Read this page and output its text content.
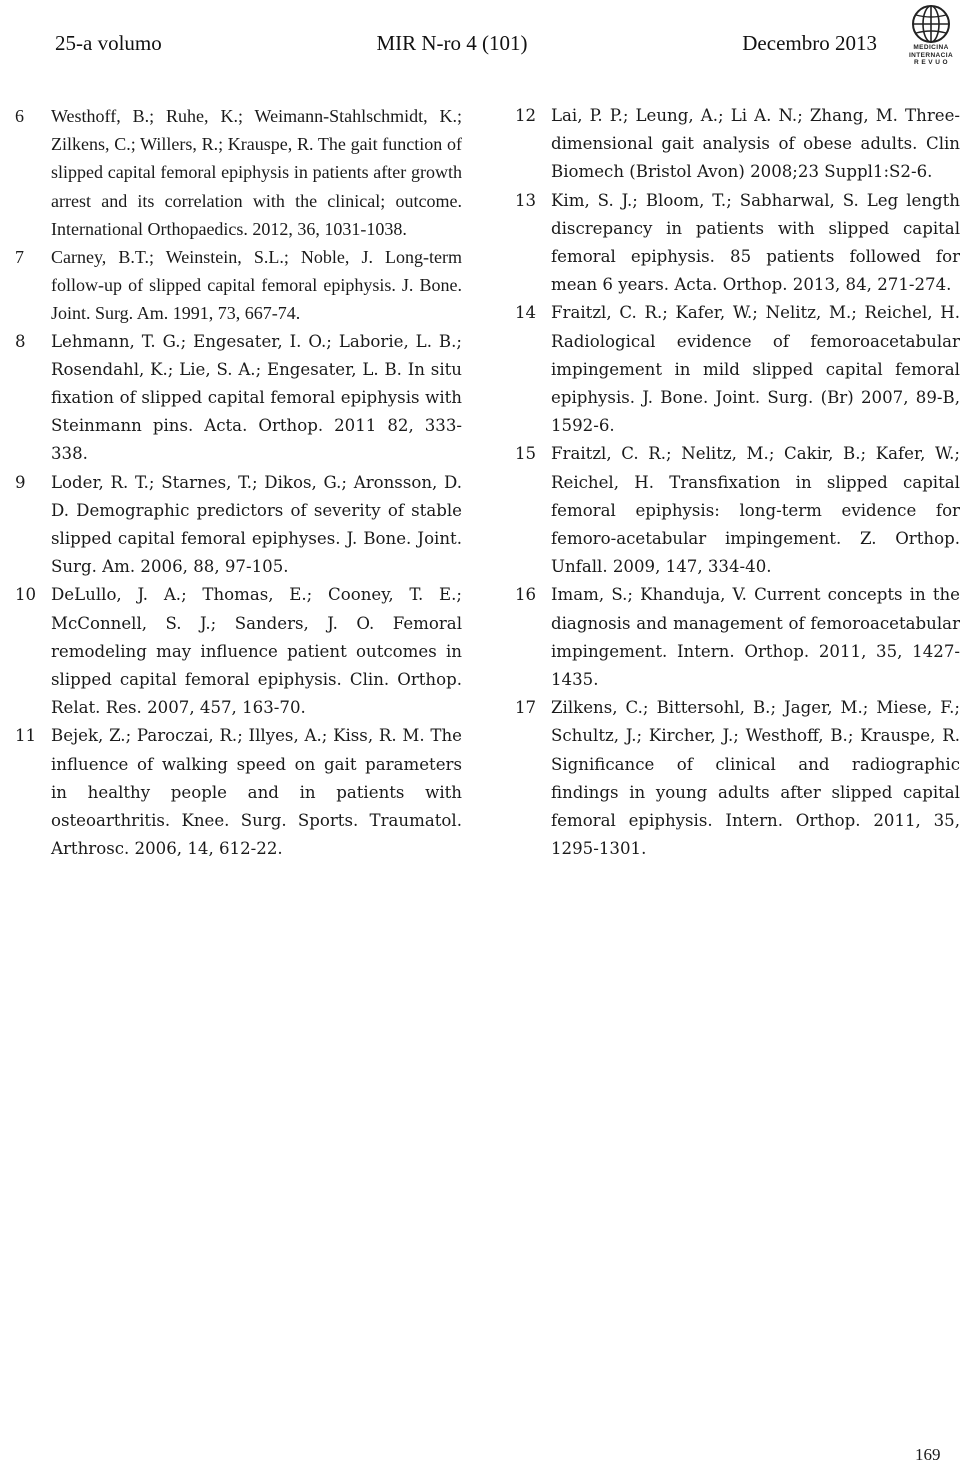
25-a volumo	MIR N-ro 4 (101)	Decembro 2013	MEDICINA
INTERNACIA
R E V U O
6	Westhoff, B.; Ruhe, K.; Weimann-Stahlschmidt, K.; Zilkens, C.; Willers, R.; Krauspe, R. The gait function of slipped capital femoral epiphysis in patients after growth arrest and its correlation with the clinical; outcome. International Orthopaedics. 2012, 36, 1031-1038.
7	Carney, B.T.; Weinstein, S.L.; Noble, J. Long-term follow-up of slipped capital femoral epiphysis. J. Bone. Joint. Surg. Am. 1991, 73, 667-74.
8	Lehmann, T. G.; Engesater, I. O.; Laborie, L. B.; Rosendahl, K.; Lie, S. A.; Engesater, L. B. In situ fixation of slipped capital femoral epiphysis with Steinmann pins. Acta. Orthop. 2011 82, 333-338.
9	Loder, R. T.; Starnes, T.; Dikos, G.; Aronsson, D. D. Demographic predictors of severity of stable slipped capital femoral epiphyses. J. Bone. Joint. Surg. Am. 2006, 88, 97-105.
10 DeLullo, J. A.; Thomas, E.; Cooney, T. E.; McConnell, S. J.; Sanders, J. O. Femoral remodeling may influence patient outcomes in slipped capital femoral epiphysis. Clin. Orthop. Relat. Res. 2007, 457, 163-70.
11 Bejek, Z.; Paroczai, R.; Illyes, A.; Kiss, R. M. The influence of walking speed on gait parameters in healthy people and in patients with osteoarthritis. Knee. Surg. Sports. Traumatol. Arthrosc. 2006, 14, 612-22.
12 Lai, P. P.; Leung, A.; Li A. N.; Zhang, M. Three-dimensional gait analysis of obese adults. Clin Biomech (Bristol Avon) 2008;23 Suppl1:S2-6.
13 Kim, S. J.; Bloom, T.; Sabharwal, S. Leg length discrepancy in patients with slipped capital femoral epiphysis. 85 patients followed for mean 6 years. Acta. Orthop. 2013, 84, 271-274.
14 Fraitzl, C. R.; Kafer, W.; Nelitz, M.; Reichel, H. Radiological evidence of femoroacetabular impingement in mild slipped capital femoral epiphysis. J. Bone. Joint. Surg. (Br) 2007, 89-B, 1592-6.
15 Fraitzl, C. R.; Nelitz, M.; Cakir, B.; Kafer, W.; Reichel, H. Transfixation in slipped capital femoral epiphysis: long-term evidence for femoro-acetabular impingement. Z. Orthop. Unfall. 2009, 147, 334-40.
16 Imam, S.; Khanduja, V. Current concepts in the diagnosis and management of femoroacetabular impingement. Intern. Orthop. 2011, 35, 1427-1435.
17 Zilkens, C.; Bittersohl, B.; Jager, M.; Miese, F.; Schultz, J.; Kircher, J.; Westhoff, B.; Krauspe, R. Significance of clinical and radiographic findings in young adults after slipped capital femoral epiphysis. Intern. Orthop. 2011, 35, 1295-1301.
169
